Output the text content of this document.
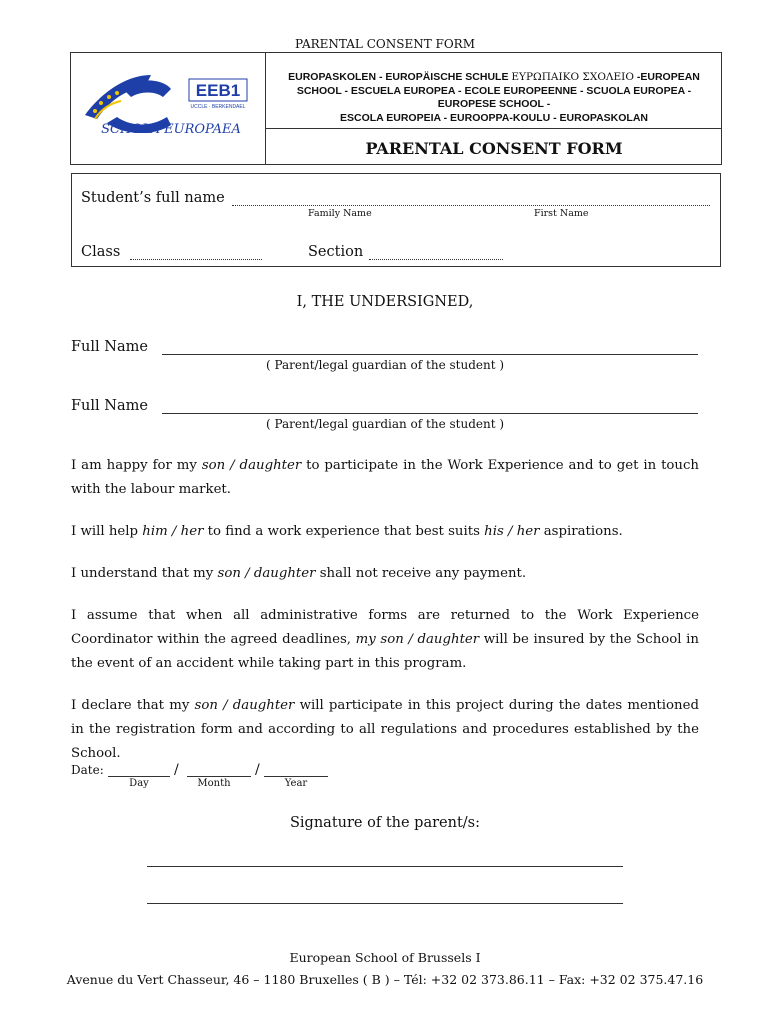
PARENTAL CONSENT FORM
EEB1
UCCLE · BERKENDAEL
SCHOLA EUROPAEA
EUROPASKOLEN - EUROPÄISCHE SCHULE ΕΥΡΩΠΑΙΚΟ ΣΧΟΛΕΙΟ -EUROPEAN
SCHOOL - ESCUELA EUROPEA - ECOLE EUROPEENNE - SCUOLA EUROPEA -
EUROPESE SCHOOL -
ESCOLA EUROPEIA - EUROOPPA-KOULU - EUROPASKOLAN
PARENTAL CONSENT FORM
Student’s full name
Family Name	First Name
Class	Section
I, THE UNDERSIGNED,
Full Name
( Parent/legal guardian of the student )
Full Name
( Parent/legal guardian of the student )
I am happy for my son / daughter to participate in the Work Experience and to get in touch with the labour market.
I will help him / her to find a work experience that best suits his / her aspirations.
I understand that my son / daughter shall not receive any payment.
I assume that when all administrative forms are returned to the Work Experience Coordinator within the agreed deadlines, my son / daughter will be insured by the School in the event of an accident while taking part in this program.
I declare that my son / daughter will participate in this project during the dates mentioned in the registration form and according to all regulations and procedures established by the School.
Date:	/	/
Day	Month	Year
Signature of the parent/s:
European School of Brussels I
Avenue du Vert Chasseur, 46 – 1180 Bruxelles ( B ) – Tél: +32 02 373.86.11 – Fax: +32 02 375.47.16
